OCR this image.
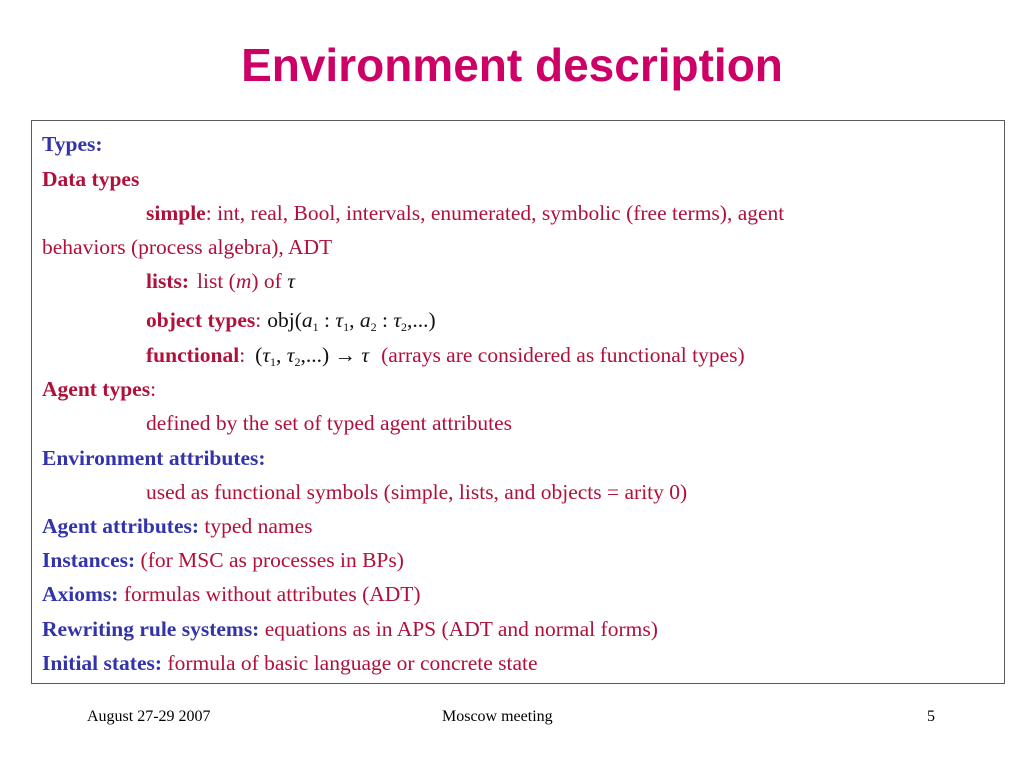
Environment description
Types:
Data types
simple: int, real, Bool, intervals, enumerated, symbolic (free terms), agent
behaviors (process algebra), ADT
lists: list (m) of τ
object types: $obj(a_1$ : $\tau_1$, $a_2$ : $\tau_2$,...)
functional: ($\tau_1$, $\tau_2,...) \to \tau$ (arrays are considered as functional types)
Agent types:
defined by the set of typed agent attributes
Environment attributes:
used as functional symbols (simple, lists, and objects = arity 0)
Agent attributes: typed names
Instances: (for MSC as processes in BPs)
Axioms: formulas without attributes (ADT)
Rewriting rule systems: equations as in APS (ADT and normal forms)
Initial states: formula of basic language or concrete state
August 27-29 2007	Moscow meeting	5
